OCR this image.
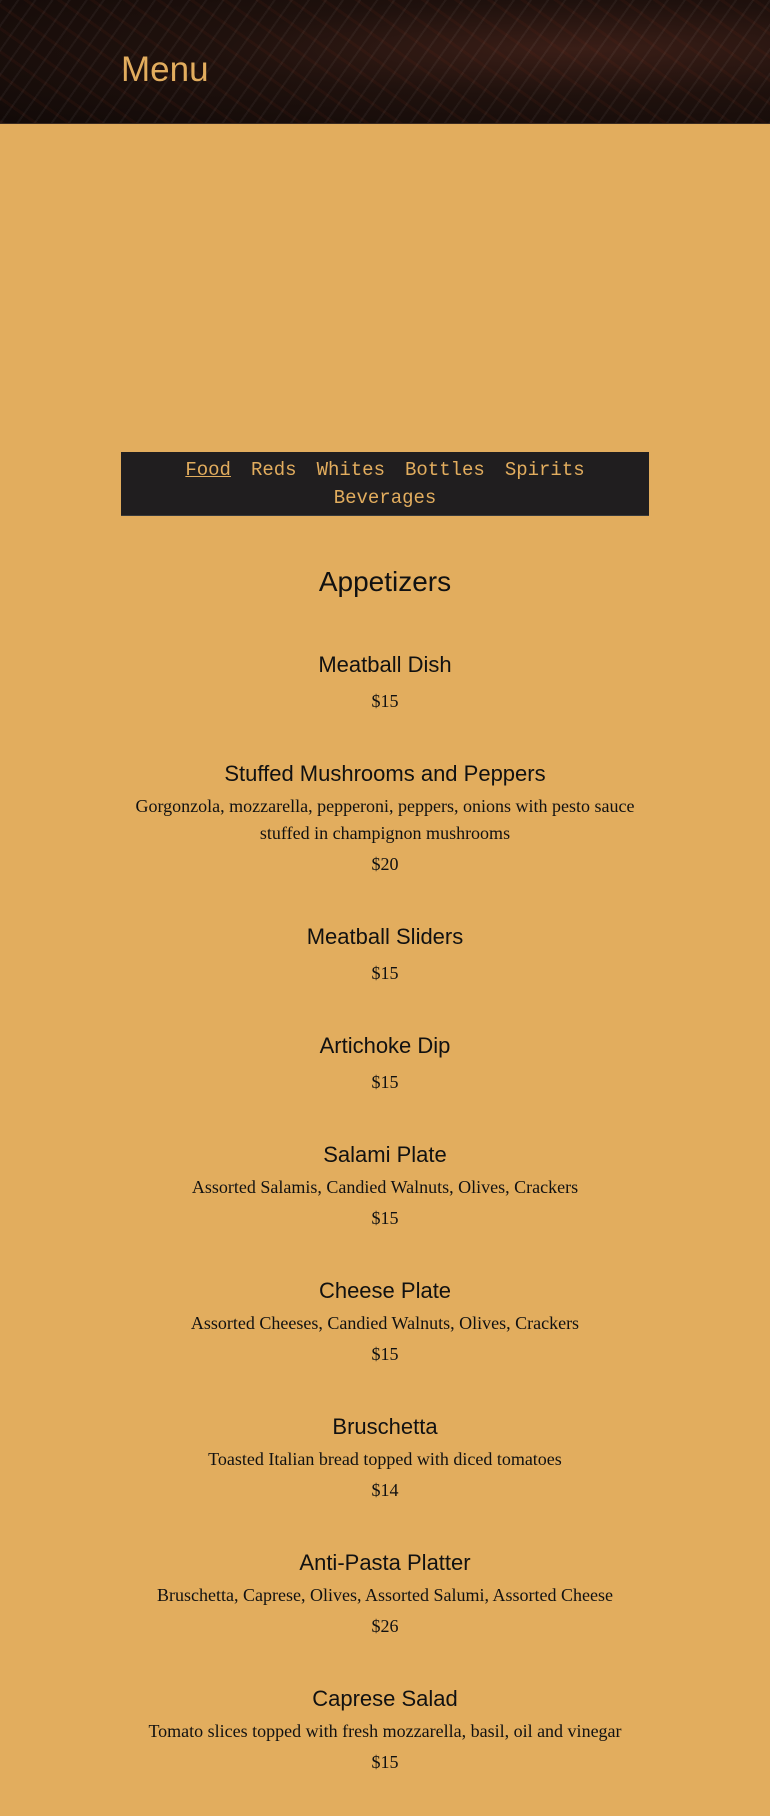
Menu
Food Reds Whites Bottles Spirits
Beverages
Appetizers
Meatball Dish

$15

Stuffed Mushrooms and Peppers

Gorgonzola, mozzarella, pepperoni, peppers, onions with pesto sauce stuffed in champignon mushrooms

$20

Meatball Sliders

$15

Artichoke Dip

$15

Salami Plate

Assorted Salamis, Candied Walnuts, Olives, Crackers

$15

Cheese Plate

Assorted Cheeses, Candied Walnuts, Olives, Crackers

$15

Bruschetta

Toasted Italian bread topped with diced tomatoes

$14

Anti-Pasta Platter

Bruschetta, Caprese, Olives, Assorted Salumi, Assorted Cheese

$26

Caprese Salad

Tomato slices topped with fresh mozzarella, basil, oil and vinegar

$15
